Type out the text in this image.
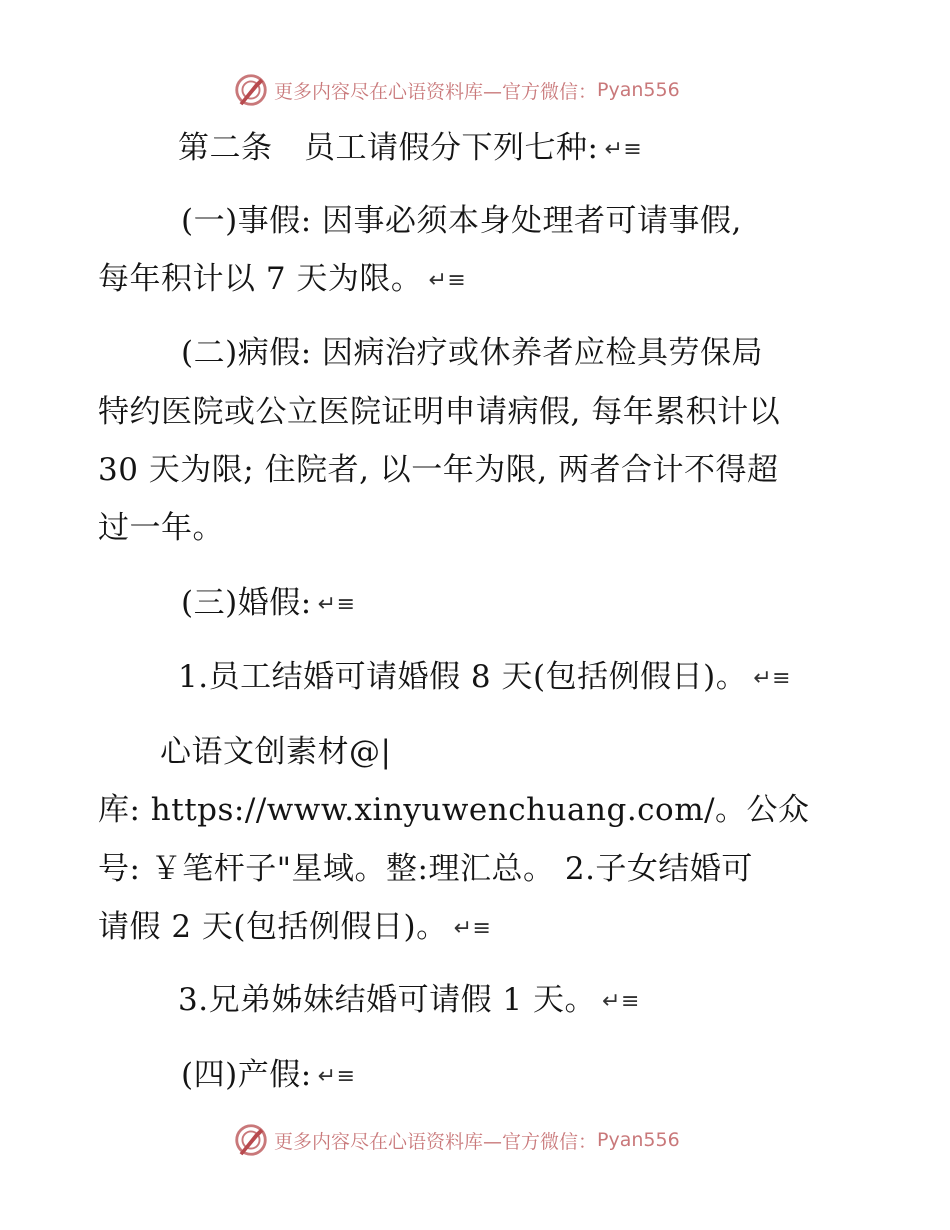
更多内容尽在心语资料库—官方微信： Pyan556
第二条　员工请假分下列七种: ↵≡
(一)事假: 因事必须本身处理者可请事假,
每年积计以 7 天为限。 ↵≡
(二)病假: 因病治疗或休养者应检具劳保局
特约医院或公立医院证明申请病假, 每年累积计以
30 天为限; 住院者, 以一年为限, 两者合计不得超
过一年。
(三)婚假: ↵≡
1.员工结婚可请婚假 8 天(包括例假日)。 ↵≡
心语文创素材@|
库: https://www.xinyuwenchuang.com/。公众
号: ￥笔杆子"星域。整:理汇总。 2.子女结婚可
请假 2 天(包括例假日)。 ↵≡
3.兄弟姊妹结婚可请假 1 天。 ↵≡
(四)产假: ↵≡
更多内容尽在心语资料库—官方微信： Pyan556
